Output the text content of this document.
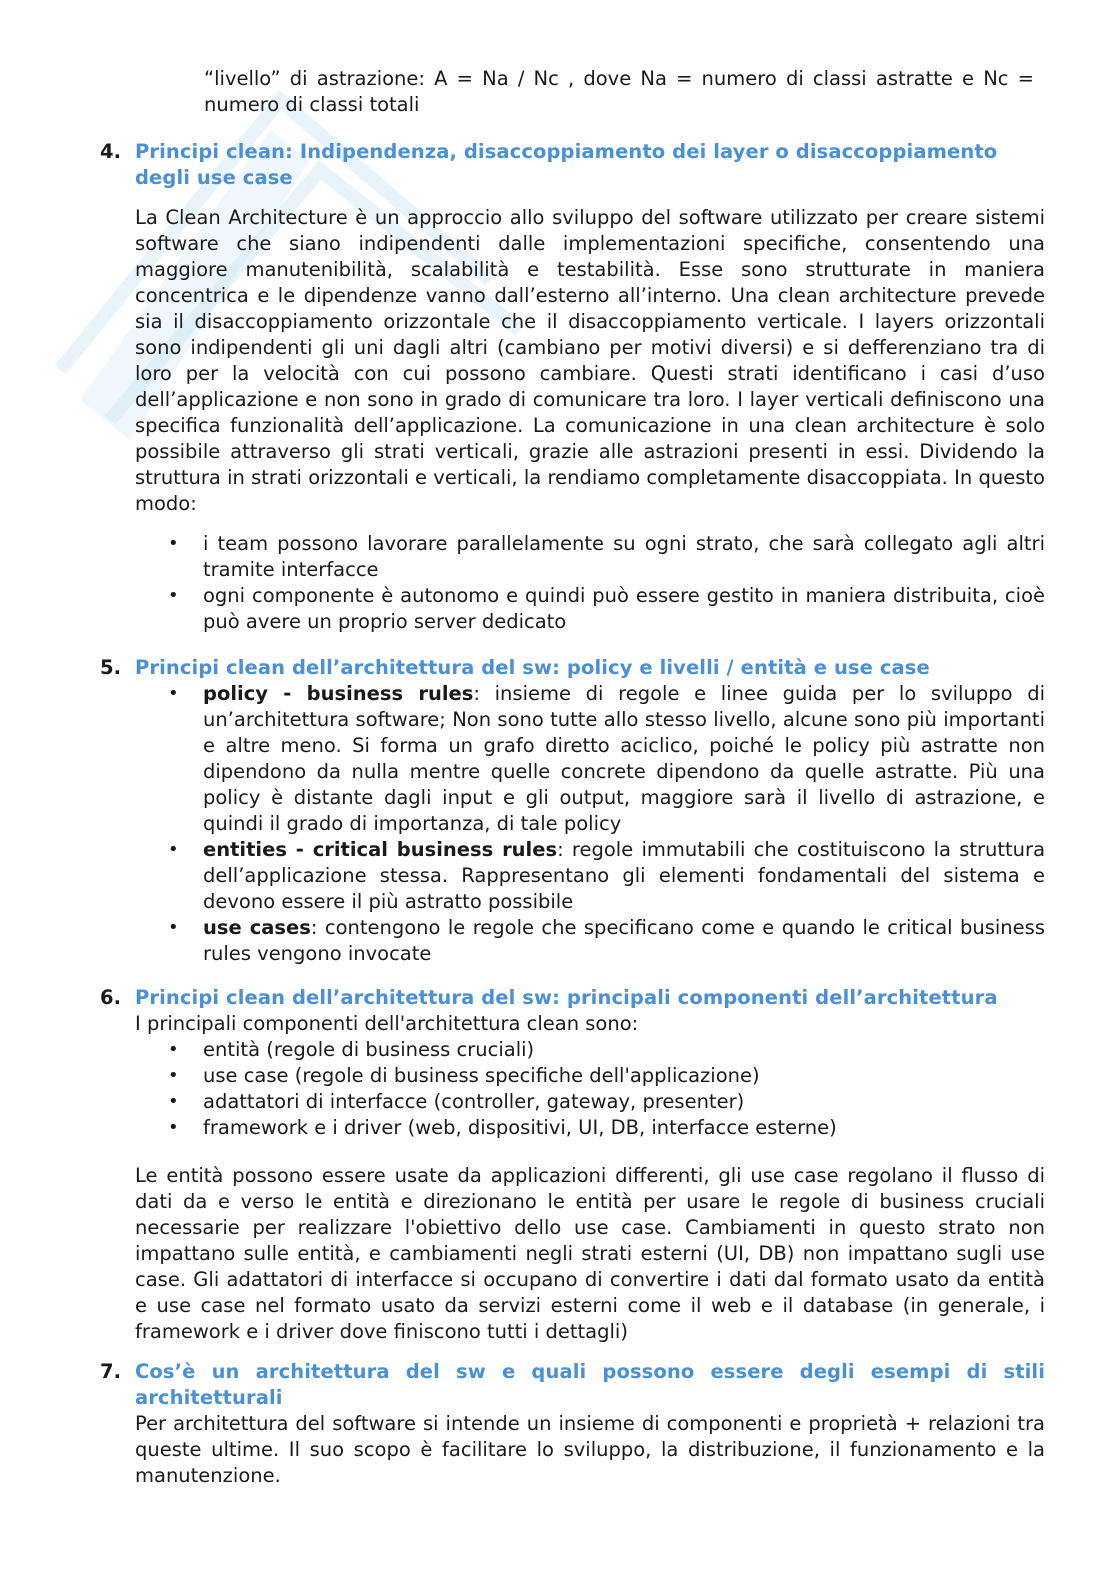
“livello” di astrazione: A = Na / Nc , dove Na = numero di classi astratte e Nc = numero di classi totali
4. Principi clean: Indipendenza, disaccoppiamento dei layer o disaccoppiamento degli use case
La Clean Architecture è un approccio allo sviluppo del software utilizzato per creare sistemi software che siano indipendenti dalle implementazioni specifiche, consentendo una maggiore manutenibilità, scalabilità e testabilità. Esse sono strutturate in maniera concentrica e le dipendenze vanno dall’esterno all’interno. Una clean architecture prevede sia il disaccoppiamento orizzontale che il disaccoppiamento verticale. I layers orizzontali sono indipendenti gli uni dagli altri (cambiano per motivi diversi) e si defferenziano tra di loro per la velocità con cui possono cambiare. Questi strati identificano i casi d’uso dell’applicazione e non sono in grado di comunicare tra loro. I layer verticali definiscono una specifica funzionalità dell’applicazione. La comunicazione in una clean architecture è solo possibile attraverso gli strati verticali, grazie alle astrazioni presenti in essi. Dividendo la struttura in strati orizzontali e verticali, la rendiamo completamente disaccoppiata. In questo modo:
• i team possono lavorare parallelamente su ogni strato, che sarà collegato agli altri tramite interfacce
• ogni componente è autonomo e quindi può essere gestito in maniera distribuita, cioè può avere un proprio server dedicato
5. Principi clean dell’architettura del sw: policy e livelli / entità e use case
• policy - business rules: insieme di regole e linee guida per lo sviluppo di un’architettura software; Non sono tutte allo stesso livello, alcune sono più importanti e altre meno. Si forma un grafo diretto aciclico, poiché le policy più astratte non dipendono da nulla mentre quelle concrete dipendono da quelle astratte. Più una policy è distante dagli input e gli output, maggiore sarà il livello di astrazione, e quindi il grado di importanza, di tale policy
• entities - critical business rules: regole immutabili che costituiscono la struttura dell’applicazione stessa. Rappresentano gli elementi fondamentali del sistema e devono essere il più astratto possibile
• use cases: contengono le regole che specificano come e quando le critical business rules vengono invocate
6. Principi clean dell’architettura del sw: principali componenti dell’architettura
I principali componenti dell'architettura clean sono:
• entità (regole di business cruciali)
• use case (regole di business specifiche dell'applicazione)
• adattatori di interfacce (controller, gateway, presenter)
• framework e i driver (web, dispositivi, UI, DB, interfacce esterne)
Le entità possono essere usate da applicazioni differenti, gli use case regolano il flusso di dati da e verso le entità e direzionano le entità per usare le regole di business cruciali necessarie per realizzare l'obiettivo dello use case. Cambiamenti in questo strato non impattano sulle entità, e cambiamenti negli strati esterni (UI, DB) non impattano sugli use case. Gli adattatori di interfacce si occupano di convertire i dati dal formato usato da entità e use case nel formato usato da servizi esterni come il web e il database (in generale, i framework e i driver dove finiscono tutti i dettagli)
7. Cos’è un architettura del sw e quali possono essere degli esempi di stili architetturali
Per architettura del software si intende un insieme di componenti e proprietà + relazioni tra queste ultime. Il suo scopo è facilitare lo sviluppo, la distribuzione, il funzionamento e la manutenzione.
